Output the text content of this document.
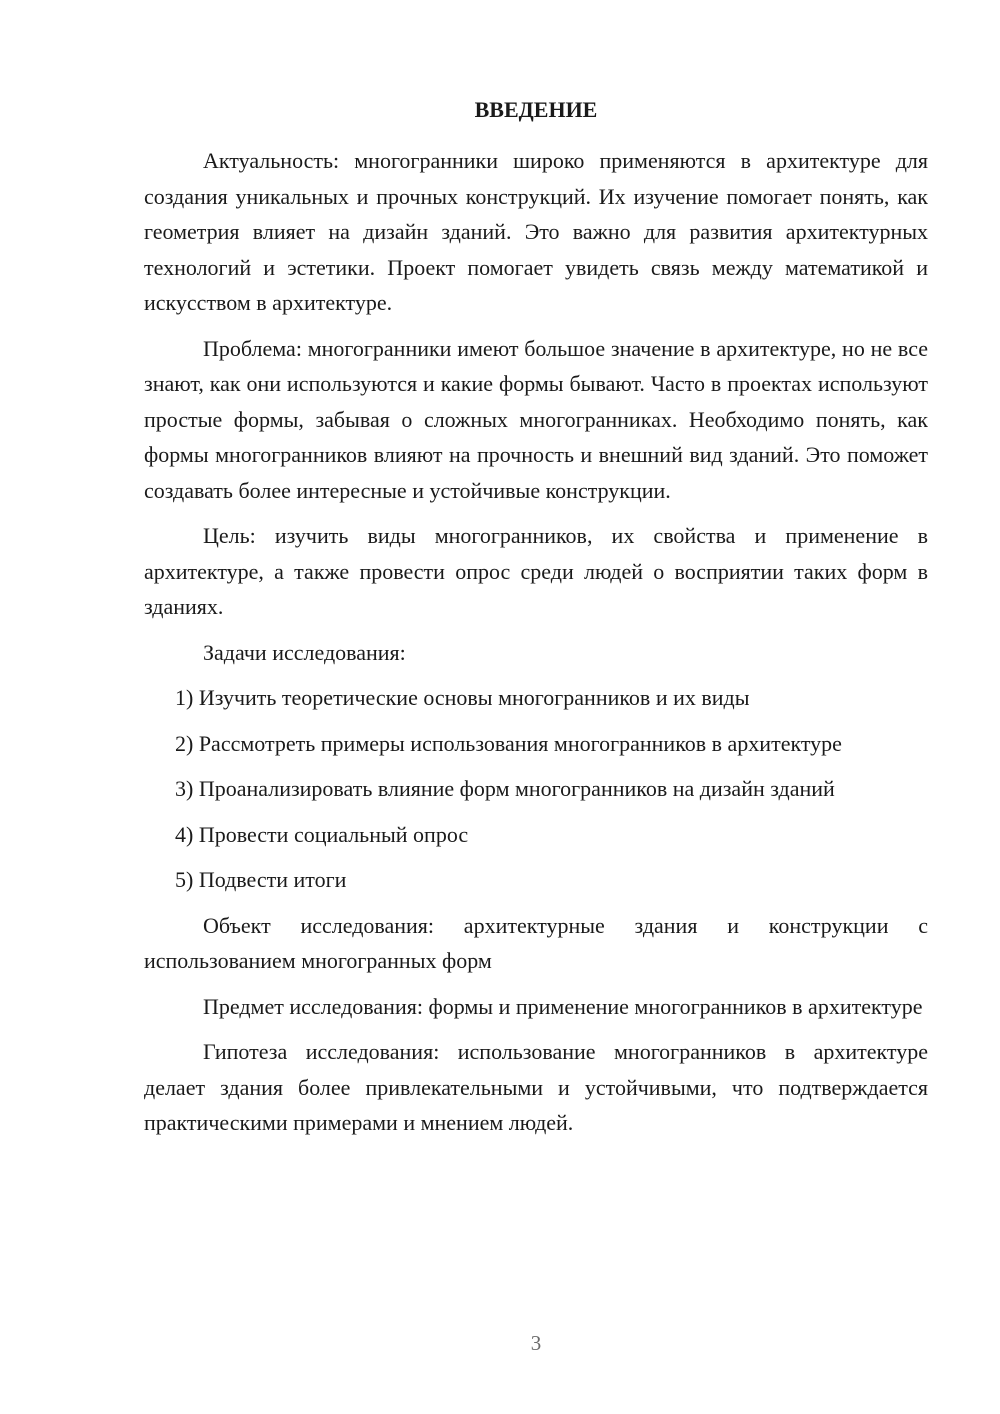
ВВЕДЕНИЕ

Актуальность: многогранники широко применяются в архитектуре для создания уникальных и прочных конструкций. Их изучение помогает понять, как геометрия влияет на дизайн зданий. Это важно для развития архитектурных технологий и эстетики. Проект помогает увидеть связь между математикой и искусством в архитектуре.

Проблема: многогранники имеют большое значение в архитектуре, но не все знают, как они используются и какие формы бывают. Часто в проектах используют простые формы, забывая о сложных многогранниках. Необходимо понять, как формы многогранников влияют на прочность и внешний вид зданий. Это поможет создавать более интересные и устойчивые конструкции.

Цель: изучить виды многогранников, их свойства и применение в архитектуре, а также провести опрос среди людей о восприятии таких форм в зданиях.

Задачи исследования:

1) Изучить теоретические основы многогранников и их виды

2) Рассмотреть примеры использования многогранников в архитектуре

3) Проанализировать влияние форм многогранников на дизайн зданий

4) Провести социальный опрос

5) Подвести итоги

Объект исследования: архитектурные здания и конструкции с использованием многогранных форм

Предмет исследования: формы и применение многогранников в архитектуре

Гипотеза исследования: использование многогранников в архитектуре делает здания более привлекательными и устойчивыми, что подтверждается практическими примерами и мнением людей.

3
